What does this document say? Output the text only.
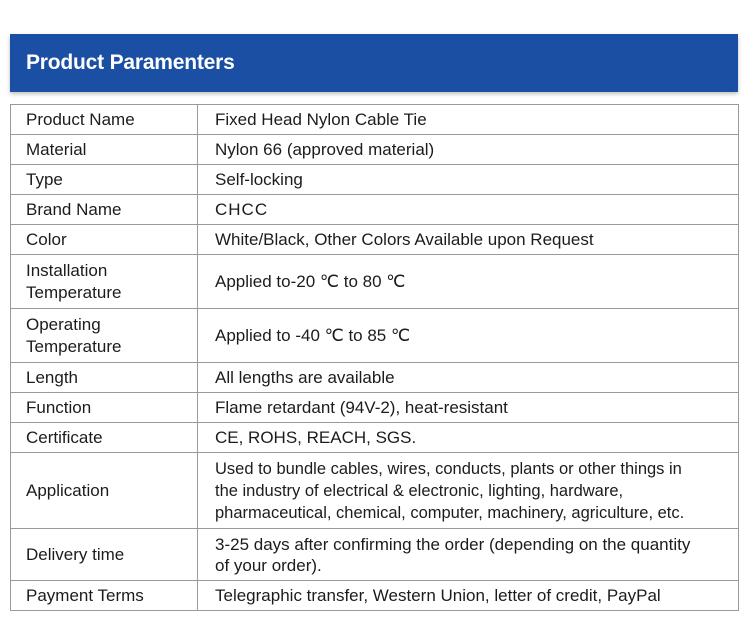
Product Paramenters
Product Name	Fixed Head Nylon Cable Tie
Material	Nylon 66 (approved material)
Type	Self-locking
Brand Name	CHCC
Color	White/Black, Other Colors Available upon Request
Installation
Temperature	Applied to-20 ℃ to 80 ℃
Operating
Temperature	Applied to -40 ℃ to 85 ℃
Length	All lengths are available
Function	Flame retardant (94V-2), heat-resistant
Certificate	CE, ROHS, REACH, SGS.
Application	Used to bundle cables, wires, conducts, plants or other things in
the industry of electrical & electronic, lighting, hardware,
pharmaceutical, chemical, computer, machinery, agriculture, etc.
Delivery time	3-25 days after confirming the order (depending on the quantity
of your order).
Payment Terms	Telegraphic transfer, Western Union, letter of credit, PayPal
